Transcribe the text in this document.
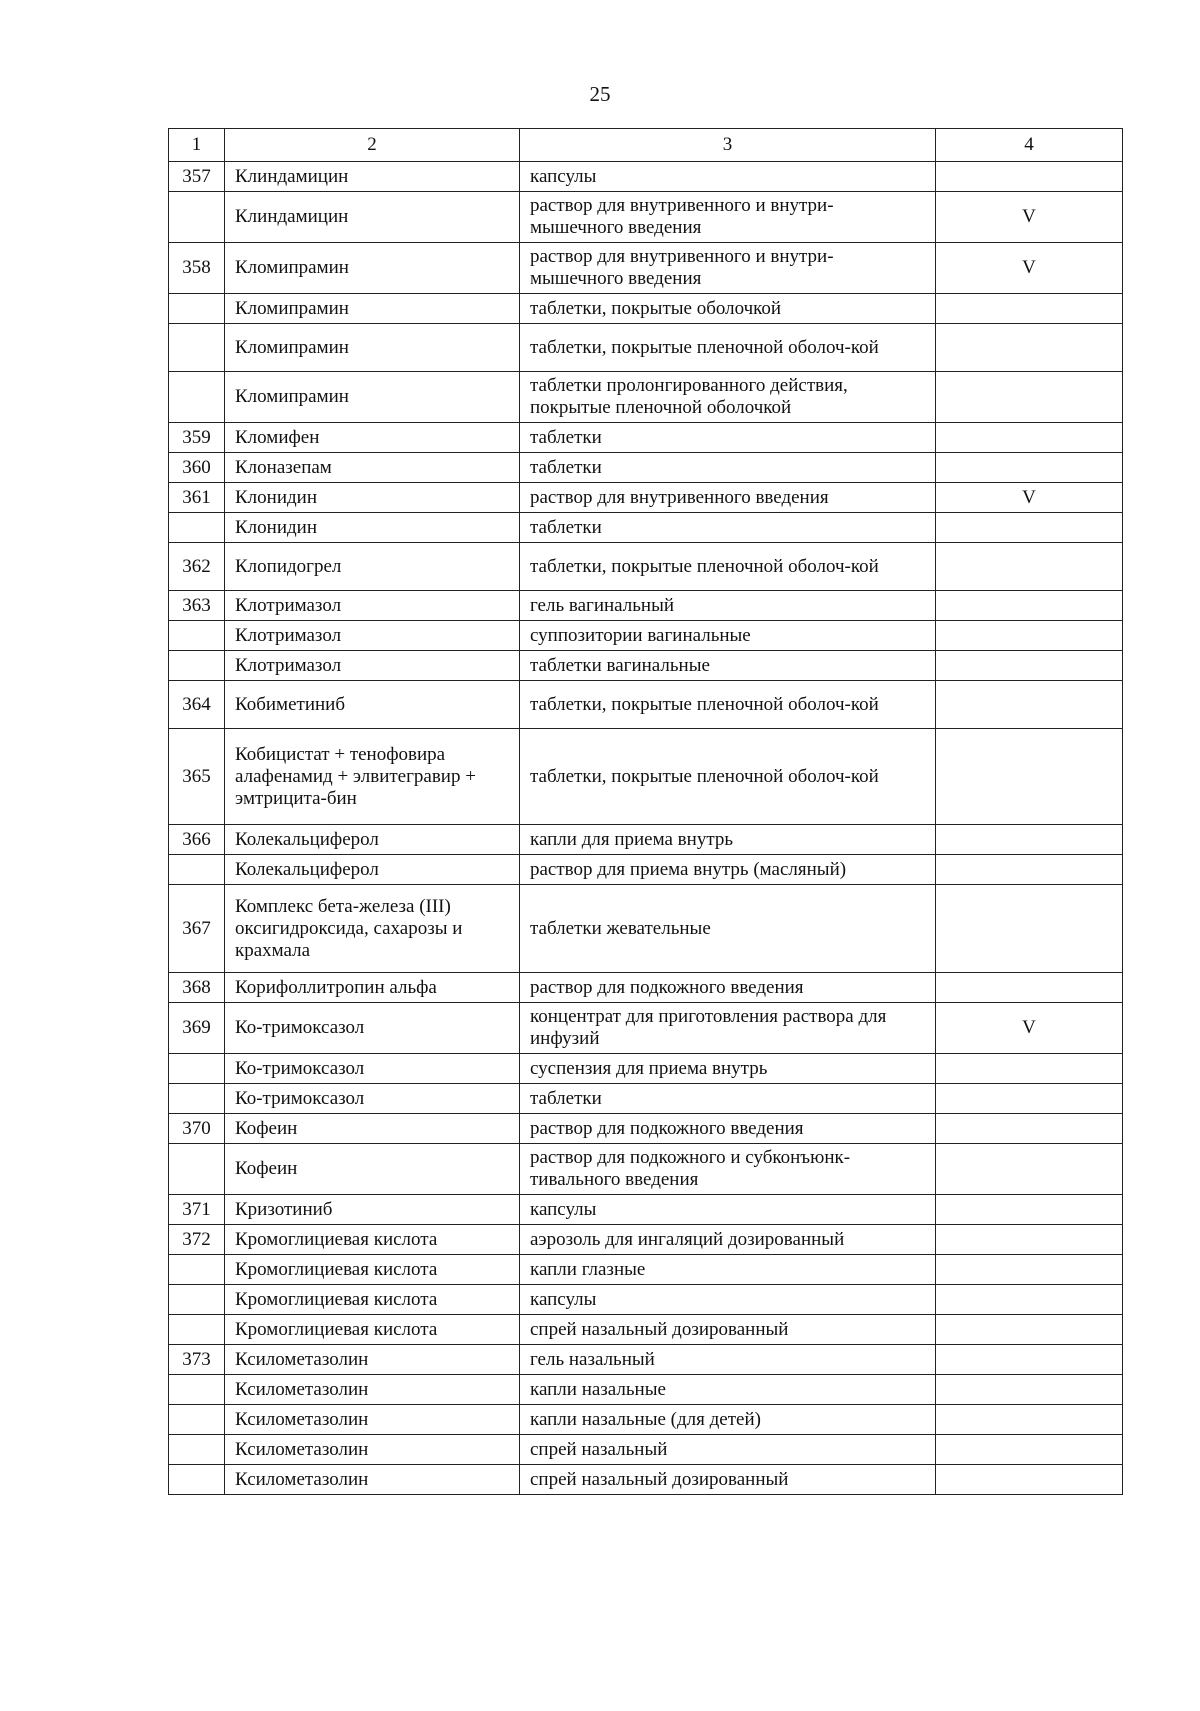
25
1	2	3	4
357	Клиндамицин	капсулы	
	Клиндамицин	раствор для внутривенного и внутри-мышечного введения	V
358	Кломипрамин	раствор для внутривенного и внутри-мышечного введения	V
	Кломипрамин	таблетки, покрытые оболочкой	
	Кломипрамин	таблетки, покрытые пленочной оболоч-кой	
	Кломипрамин	таблетки пролонгированного действия, покрытые пленочной оболочкой	
359	Кломифен	таблетки	
360	Клоназепам	таблетки	
361	Клонидин	раствор для внутривенного введения	V
	Клонидин	таблетки	
362	Клопидогрел	таблетки, покрытые пленочной оболоч-кой	
363	Клотримазол	гель вагинальный	
	Клотримазол	суппозитории вагинальные	
	Клотримазол	таблетки вагинальные	
364	Кобиметиниб	таблетки, покрытые пленочной оболоч-кой	
365	Кобицистат + тенофовира алафенамид + элвитегравир + эмтрицита-бин	таблетки, покрытые пленочной оболоч-кой	
366	Колекальциферол	капли для приема внутрь	
	Колекальциферол	раствор для приема внутрь (масляный)	
367	Комплекс бета-железа (III) оксигидроксида, сахарозы и крахмала	таблетки жевательные	
368	Корифоллитропин альфа	раствор для подкожного введения	
369	Ко-тримоксазол	концентрат для приготовления раствора для инфузий	V
	Ко-тримоксазол	суспензия для приема внутрь	
	Ко-тримоксазол	таблетки	
370	Кофеин	раствор для подкожного введения	
	Кофеин	раствор для подкожного и субконъюнк-тивального введения	
371	Кризотиниб	капсулы	
372	Кромоглициевая кислота	аэрозоль для ингаляций дозированный	
	Кромоглициевая кислота	капли глазные	
	Кромоглициевая кислота	капсулы	
	Кромоглициевая кислота	спрей назальный дозированный	
373	Ксилометазолин	гель назальный	
	Ксилометазолин	капли назальные	
	Ксилометазолин	капли назальные (для детей)	
	Ксилометазолин	спрей назальный	
	Ксилометазолин	спрей назальный дозированный	
